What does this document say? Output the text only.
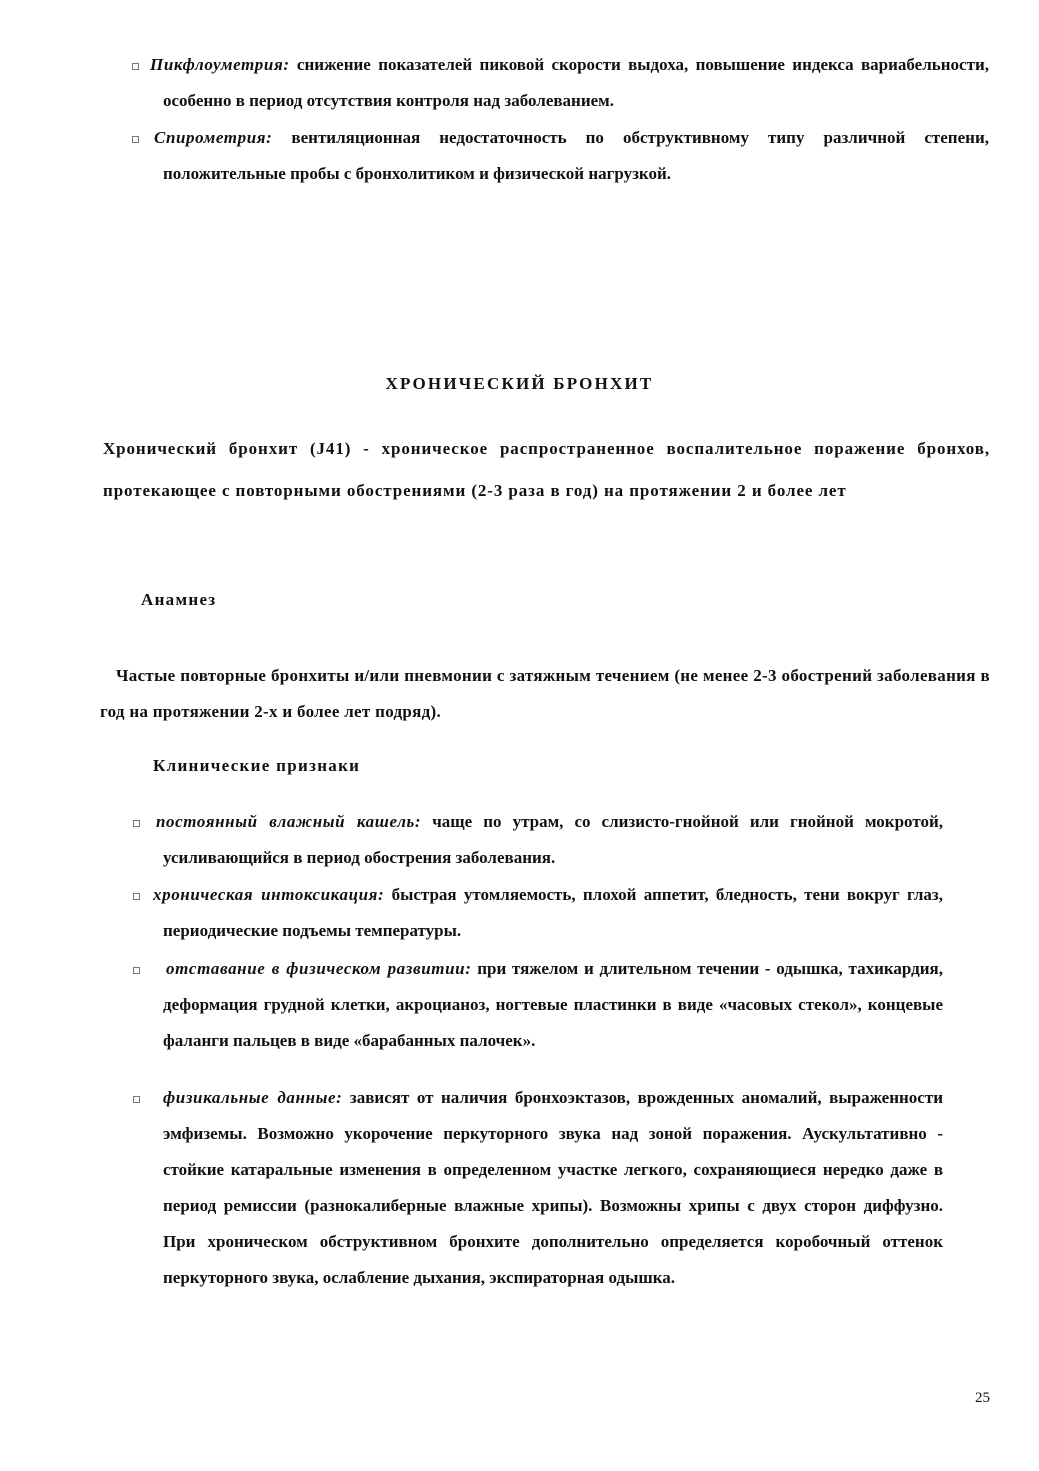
Пикфлоуметрия: снижение показателей пиковой скорости выдоха, повышение индекса вариабельности, особенно в период отсутствия контроля над заболеванием.
Спирометрия: вентиляционная недостаточность по обструктивному типу различной степени, положительные пробы с бронхолитиком и физической нагрузкой.
ХРОНИЧЕСКИЙ БРОНХИТ
Хронический бронхит (J41) - хроническое распространенное воспалительное поражение бронхов, протекающее с повторными обострениями (2-3 раза в год) на протяжении 2 и более лет
Анамнез
Частые повторные бронхиты и/или пневмонии с затяжным течением (не менее 2-3 обострений заболевания в год на протяжении 2-х и более лет подряд).
Клинические признаки
постоянный влажный кашель: чаще по утрам, со слизисто-гнойной или гнойной мокротой, усиливающийся в период обострения заболевания.
хроническая интоксикация: быстрая утомляемость, плохой аппетит, бледность, тени вокруг глаз, периодические подъемы температуры.
отставание в физическом развитии: при тяжелом и длительном течении - одышка, тахикардия, деформация грудной клетки, акроцианоз, ногтевые пластинки в виде «часовых стекол», концевые фаланги пальцев в виде «барабанных палочек».
физикальные данные: зависят от наличия бронхоэктазов, врожденных аномалий, выраженности эмфиземы. Возможно укорочение перкуторного звука над зоной поражения. Аускультативно - стойкие катаральные изменения в определенном участке легкого, сохраняющиеся нередко даже в период ремиссии (разнокалиберные влажные хрипы). Возможны хрипы с двух сторон диффузно. При хроническом обструктивном бронхите дополнительно определяется коробочный оттенок перкуторного звука, ослабление дыхания, экспираторная одышка.
25
